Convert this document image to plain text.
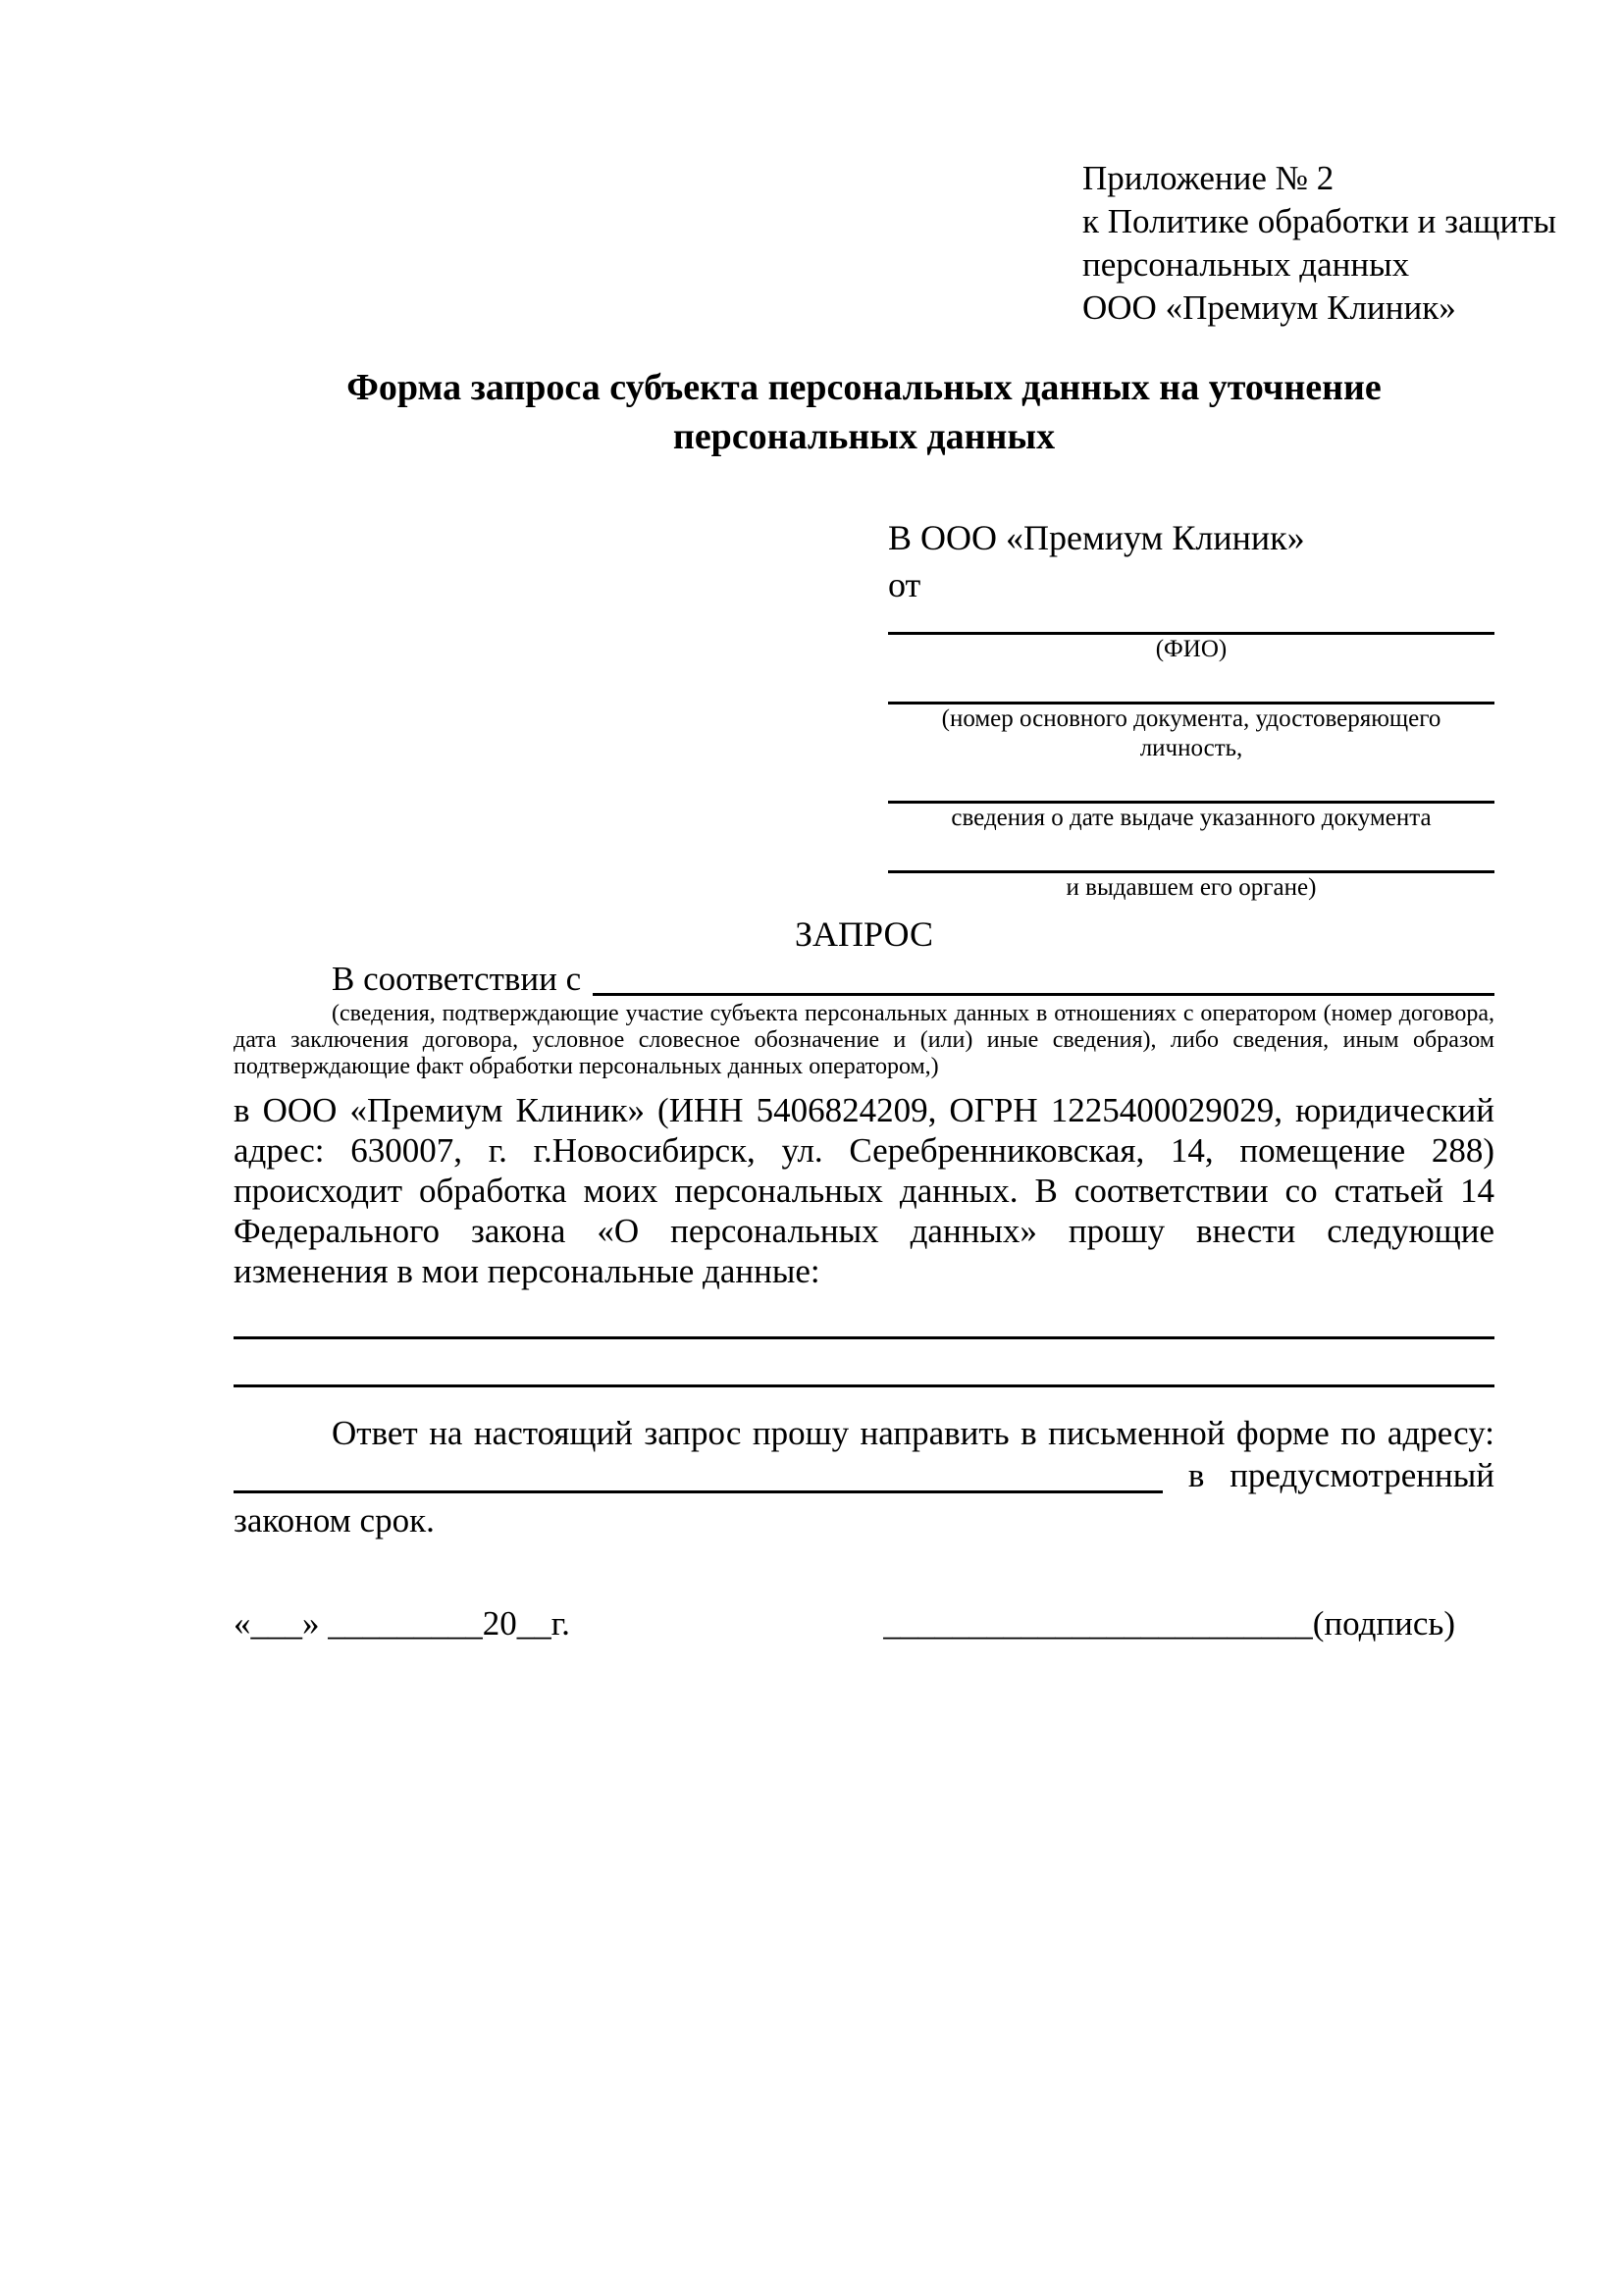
Приложение № 2
к Политике обработки и защиты
персональных данных
ООО «Премиум Клиник»
Форма запроса субъекта персональных данных на уточнение персональных данных
В ООО «Премиум Клиник»
от
(ФИО)
(номер основного документа, удостоверяющего личность,
сведения о дате выдаче указанного документа
и выдавшем его органе)
ЗАПРОС
В соответствии с
(сведения, подтверждающие участие субъекта персональных данных в отношениях с оператором (номер договора, дата заключения договора, условное словесное обозначение и (или) иные сведения), либо сведения, иным образом подтверждающие факт обработки персональных данных оператором,)
в ООО «Премиум Клиник» (ИНН 5406824209, ОГРН 1225400029029, юридический адрес: 630007, г. г.Новосибирск, ул. Серебренниковская, 14, помещение 288) происходит обработка моих персональных данных. В соответствии со статьей 14 Федерального закона «О персональных данных» прошу внести следующие изменения в мои персональные данные:
Ответ на настоящий запрос прошу направить в письменной форме по адресу:
в предусмотренный
законом срок.
«___» _________20__г.	_________________________(подпись)
